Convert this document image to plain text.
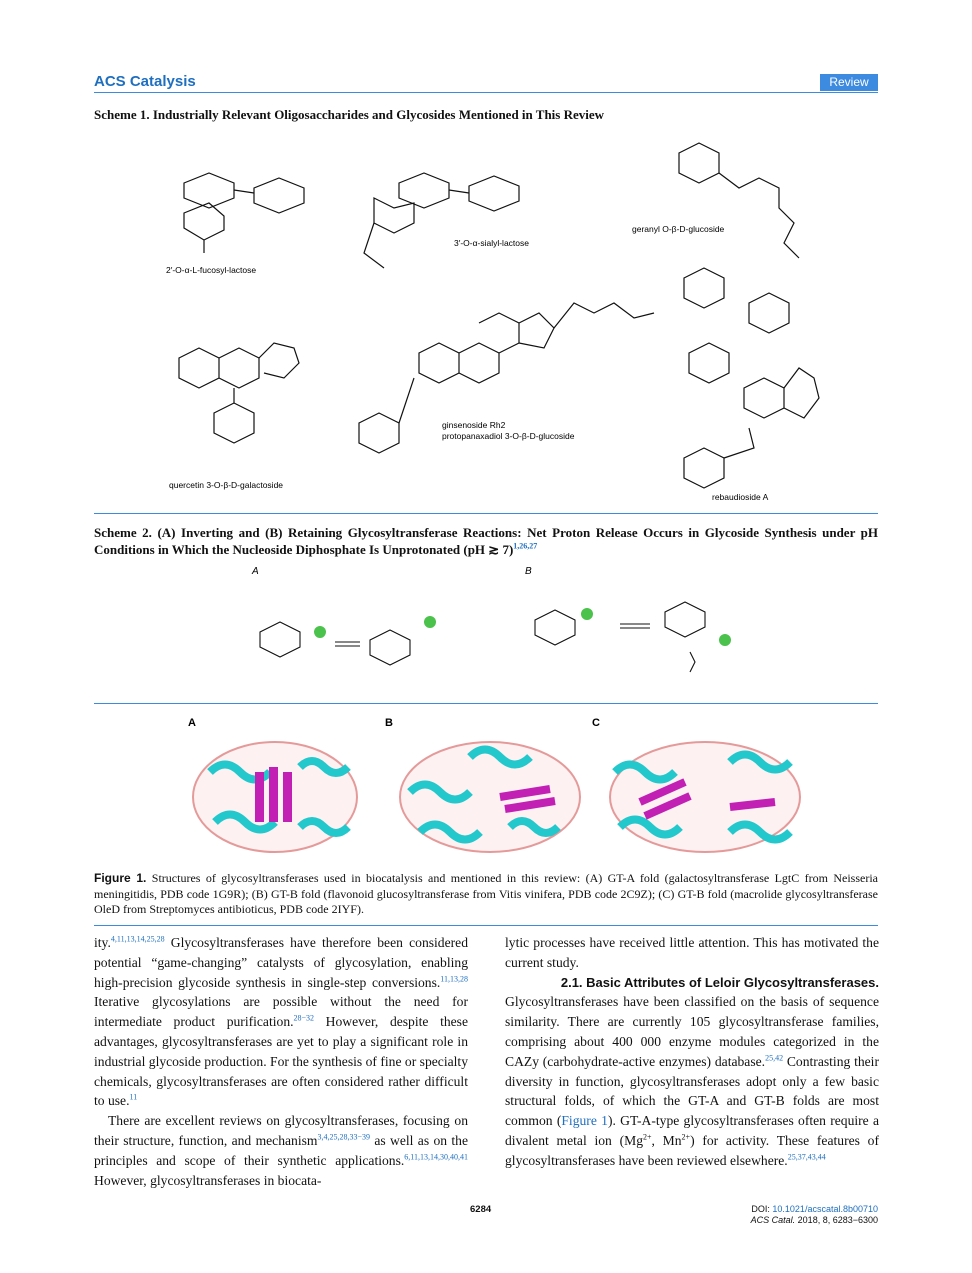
ACS Catalysis	Review
Scheme 1. Industrially Relevant Oligosaccharides and Glycosides Mentioned in This Review
2′-O-α-L-fucosyl-lactose
3′-O-α-sialyl-lactose
geranyl O-β-D-glucoside
quercetin 3-O-β-D-galactoside
ginsenoside Rh2
protopanaxadiol 3-O-β-D-glucoside
rebaudioside A
Scheme 2. (A) Inverting and (B) Retaining Glycosyltransferase Reactions: Net Proton Release Occurs in Glycoside Synthesis under pH Conditions in Which the Nucleoside Diphosphate Is Unprotonated (pH ≳ 7)$^{1,26,27}$
A	B
A	B	C
Figure 1. Structures of glycosyltransferases used in biocatalysis and mentioned in this review: (A) GT-A fold (galactosyltransferase LgtC from Neisseria meningitidis, PDB code 1G9R); (B) GT-B fold (flavonoid glucosyltransferase from Vitis vinifera, PDB code 2C9Z); (C) GT-B fold (macrolide glycosyltransferase OleD from Streptomyces antibioticus, PDB code 2IYF).

ity.$^{4,11,13,14,25,28}$ Glycosyltransferases have therefore been considered potential “game-changing” catalysts of glycosylation, enabling high-precision glycoside synthesis in single-step conversions.$^{11,13,28}$ Iterative glycosylations are possible without the need for intermediate product purification.$^{28-32}$ However, despite these advantages, glycosyltransferases are yet to play a significant role in industrial glycoside production. For the synthesis of fine or specialty chemicals, glycosyltransferases are often considered rather difficult to use.$^{11}$

There are excellent reviews on glycosyltransferases, focusing on their structure, function, and mechanism$^{3,4,25,28,33-39}$ as well as on the principles and scope of their synthetic applications.$^{6,11,13,14,30,40,41}$ However, glycosyltransferases in biocata-

lytic processes have received little attention. This has motivated the current study.

2.1. Basic Attributes of Leloir Glycosyltransferases.

Glycosyltransferases have been classified on the basis of sequence similarity. There are currently 105 glycosyltransferase families, comprising about 400 000 enzyme modules categorized in the CAZy (carbohydrate-active enzymes) database.$^{25,42}$ Contrasting their diversity in function, glycosyltransferases adopt only a few basic structural folds, of which the GT-A and GT-B folds are most common (Figure 1). GT-A-type glycosyltransferases often require a divalent metal ion ($Mg^{2+}$, $Mn^{2+}$) for activity. These features of glycosyltransferases have been reviewed elsewhere.$^{25,37,43,44}$

6284	DOI: 10.1021/acscatal.8b00710
ACS Catal. 2018, 8, 6283−6300
